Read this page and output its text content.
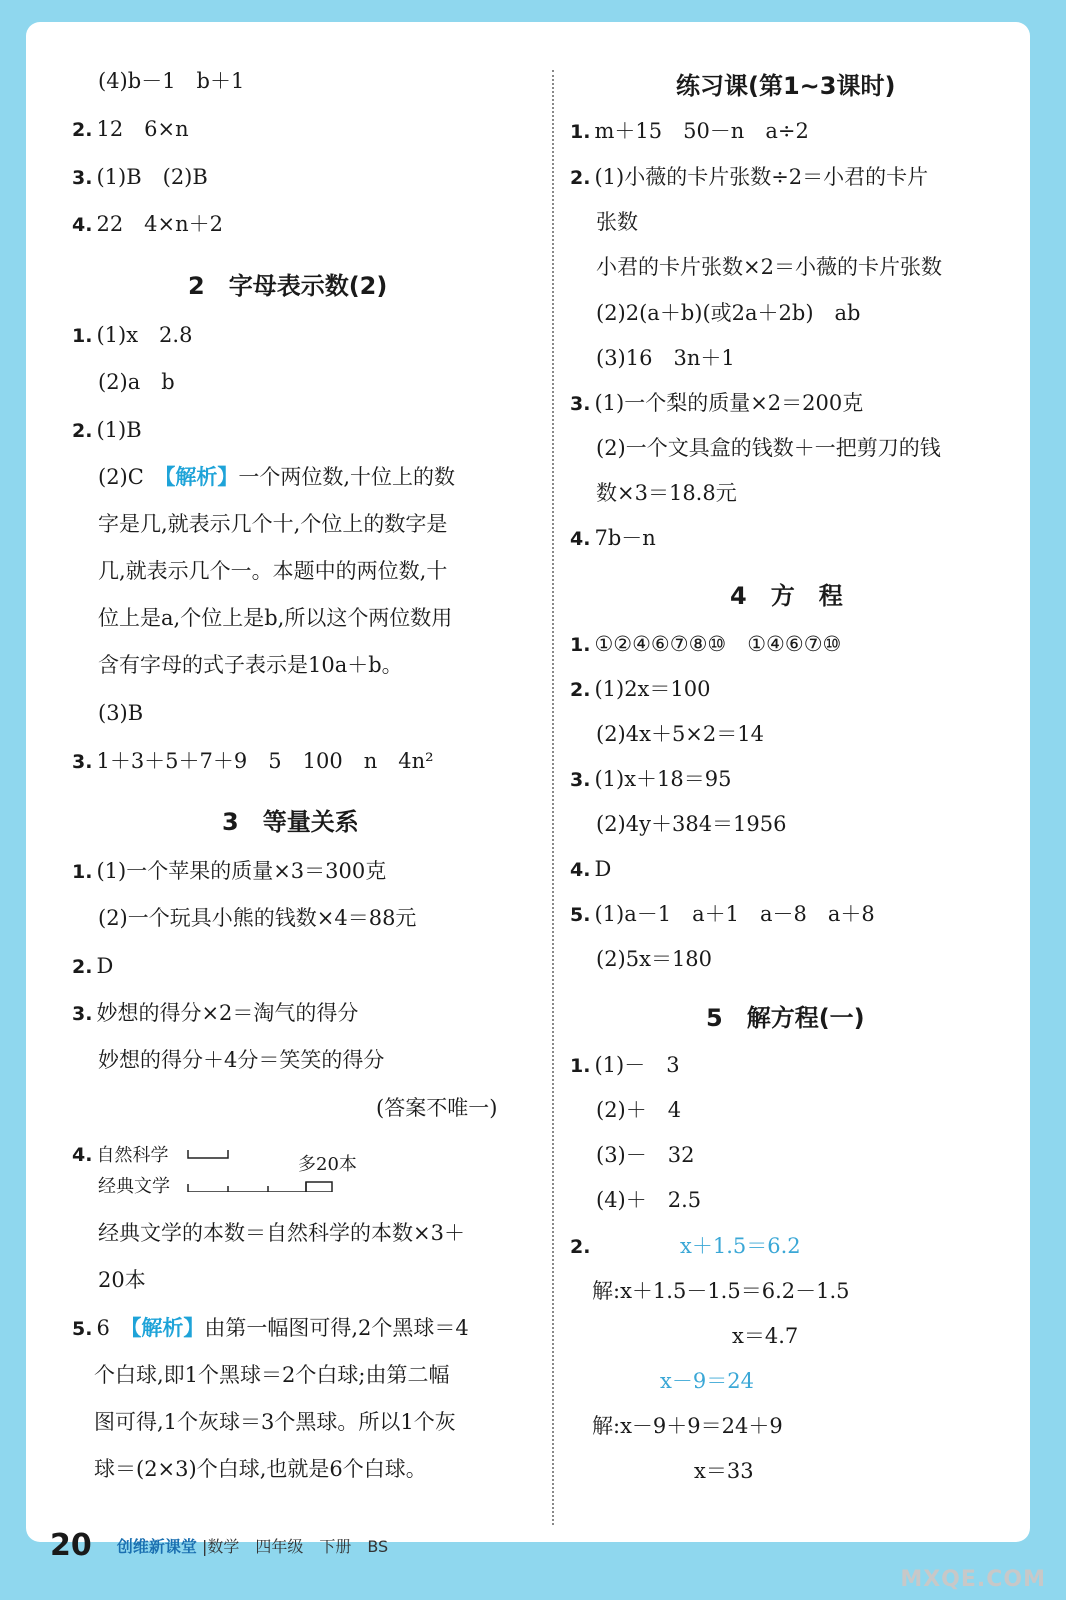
(4)b－1　b＋1
2. 12　6×n
3. (1)B　(2)B
4. 22　4×n＋2
2　字母表示数(2)
1. (1)x　2.8
(2)a　b
2. (1)B
(2)C　【解析】一个两位数,十位上的数
字是几,就表示几个十,个位上的数字是
几,就表示几个一。本题中的两位数,十
位上是a,个位上是b,所以这个两位数用
含有字母的式子表示是10a＋b。
(3)B
3. 1＋3＋5＋7＋9　5　100　n　4n²
3　等量关系
1. (1)一个苹果的质量×3＝300克
(2)一个玩具小熊的钱数×4＝88元
2. D
3. 妙想的得分×2＝淘气的得分
妙想的得分＋4分＝笑笑的得分
(答案不唯一)
4. 自然科学
经典文学
多20本
经典文学的本数＝自然科学的本数×3＋
20本
5. 6　【解析】由第一幅图可得,2个黑球＝4
个白球,即1个黑球＝2个白球;由第二幅
图可得,1个灰球＝3个黑球。所以1个灰
球＝(2×3)个白球,也就是6个白球。
练习课(第1~3课时)
1. m＋15　50－n　a÷2
2. (1)小薇的卡片张数÷2＝小君的卡片
张数
小君的卡片张数×2＝小薇的卡片张数
(2)2(a＋b)(或2a＋2b)　ab
(3)16　3n＋1
3. (1)一个梨的质量×2＝200克
(2)一个文具盒的钱数＋一把剪刀的钱
数×3＝18.8元
4. 7b－n
4　方　程
1. ①②④⑥⑦⑧⑩　①④⑥⑦⑩
2. (1)2x＝100
(2)4x＋5×2＝14
3. (1)x＋18＝95
(2)4y＋384＝1956
4. D
5. (1)a－1　a＋1　a－8　a＋8
(2)5x＝180
5　解方程(一)
1. (1)－　3
(2)＋　4
(3)－　32
(4)＋　2.5
2.	x＋1.5＝6.2
解:x＋1.5－1.5＝6.2－1.5
x＝4.7
x－9＝24
解:x－9＋9＝24＋9
x＝33
20 创维新课堂 |数学　四年级　下册　BS
MXQE.COM
